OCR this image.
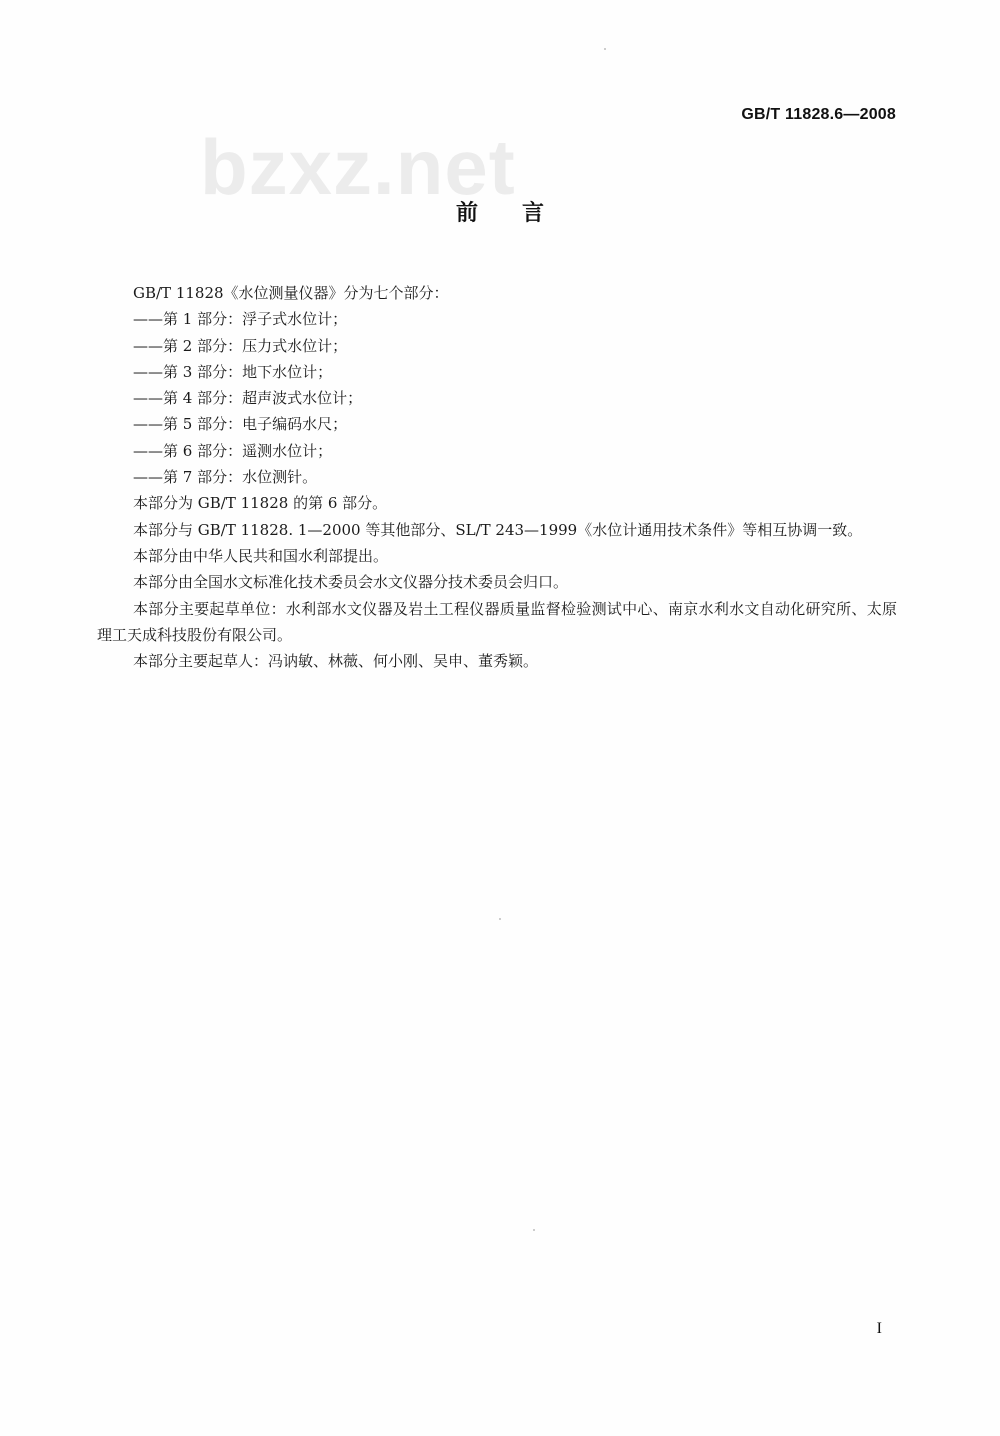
bzxz.net
GB/T 11828.6—2008
前言

GB/T 11828《水位测量仪器》分为七个部分：

——第 1 部分：浮子式水位计；

——第 2 部分：压力式水位计；

——第 3 部分：地下水位计；

——第 4 部分：超声波式水位计；

——第 5 部分：电子编码水尺；

——第 6 部分：遥测水位计；

——第 7 部分：水位测针。

本部分为 GB/T 11828 的第 6 部分。

本部分与 GB/T 11828. 1—2000 等其他部分、SL/T 243—1999《水位计通用技术条件》等相互协调一致。

本部分由中华人民共和国水利部提出。

本部分由全国水文标准化技术委员会水文仪器分技术委员会归口。

本部分主要起草单位：水利部水文仪器及岩土工程仪器质量监督检验测试中心、南京水利水文自动化研究所、太原理工天成科技股份有限公司。

本部分主要起草人：冯讷敏、林薇、何小刚、吴申、董秀颖。

I
